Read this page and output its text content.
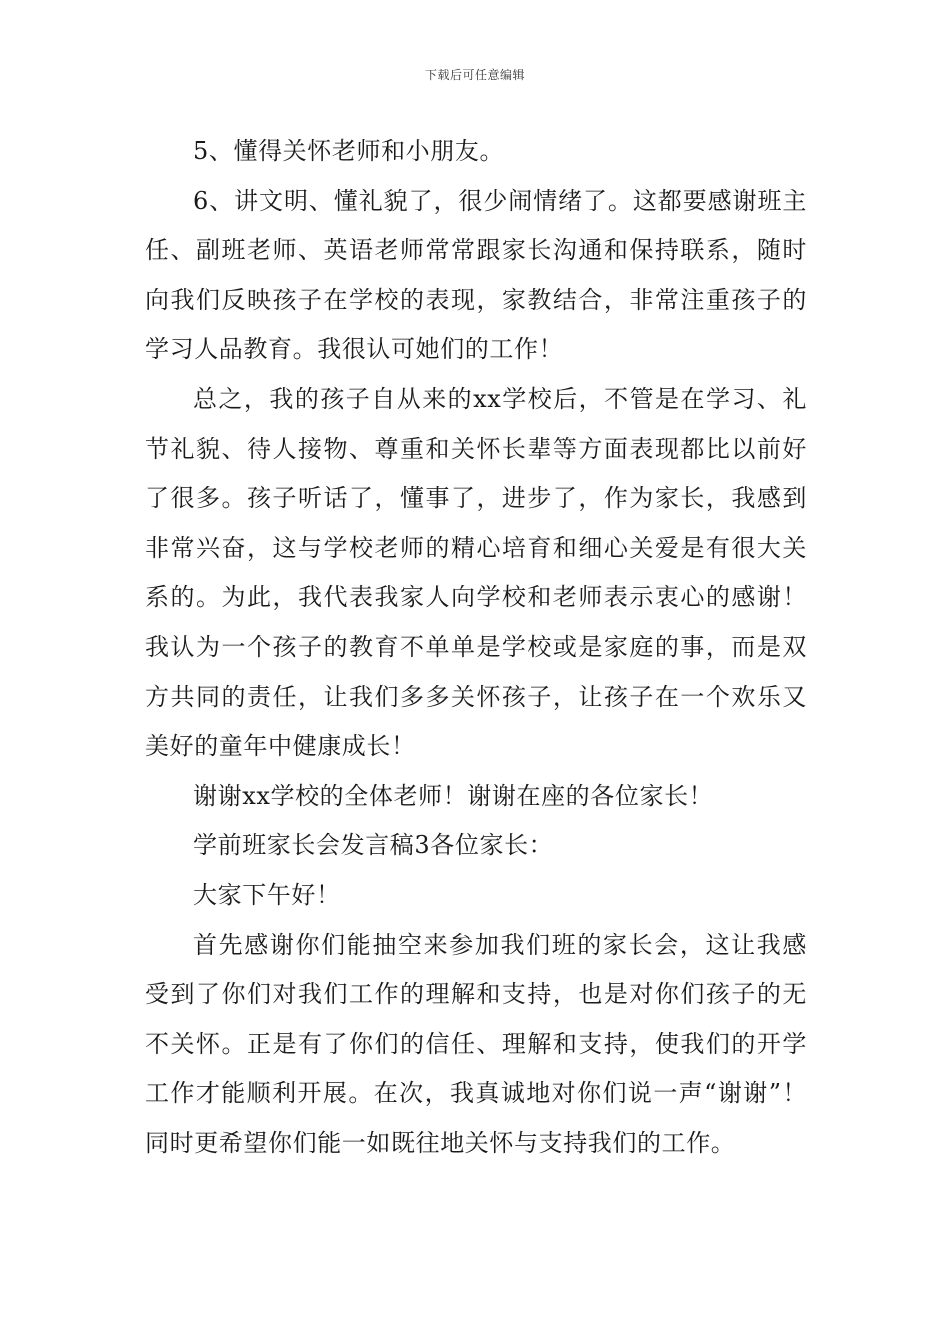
下载后可任意编辑

5、懂得关怀老师和小朋友。

6、讲文明、懂礼貌了，很少闹情绪了。这都要感谢班主任、副班老师、英语老师常常跟家长沟通和保持联系，随时向我们反映孩子在学校的表现，家教结合，非常注重孩子的学习人品教育。我很认可她们的工作！

总之，我的孩子自从来的xx学校后，不管是在学习、礼节礼貌、待人接物、尊重和关怀长辈等方面表现都比以前好了很多。孩子听话了，懂事了，进步了，作为家长，我感到非常兴奋，这与学校老师的精心培育和细心关爱是有很大关系的。为此，我代表我家人向学校和老师表示衷心的感谢！我认为一个孩子的教育不单单是学校或是家庭的事，而是双方共同的责任，让我们多多关怀孩子，让孩子在一个欢乐又美好的童年中健康成长！

谢谢xx学校的全体老师！谢谢在座的各位家长！

学前班家长会发言稿3各位家长：

大家下午好！

首先感谢你们能抽空来参加我们班的家长会，这让我感受到了你们对我们工作的理解和支持，也是对你们孩子的无不关怀。正是有了你们的信任、理解和支持，使我们的开学工作才能顺利开展。在次，我真诚地对你们说一声“谢谢”！同时更希望你们能一如既往地关怀与支持我们的工作。
